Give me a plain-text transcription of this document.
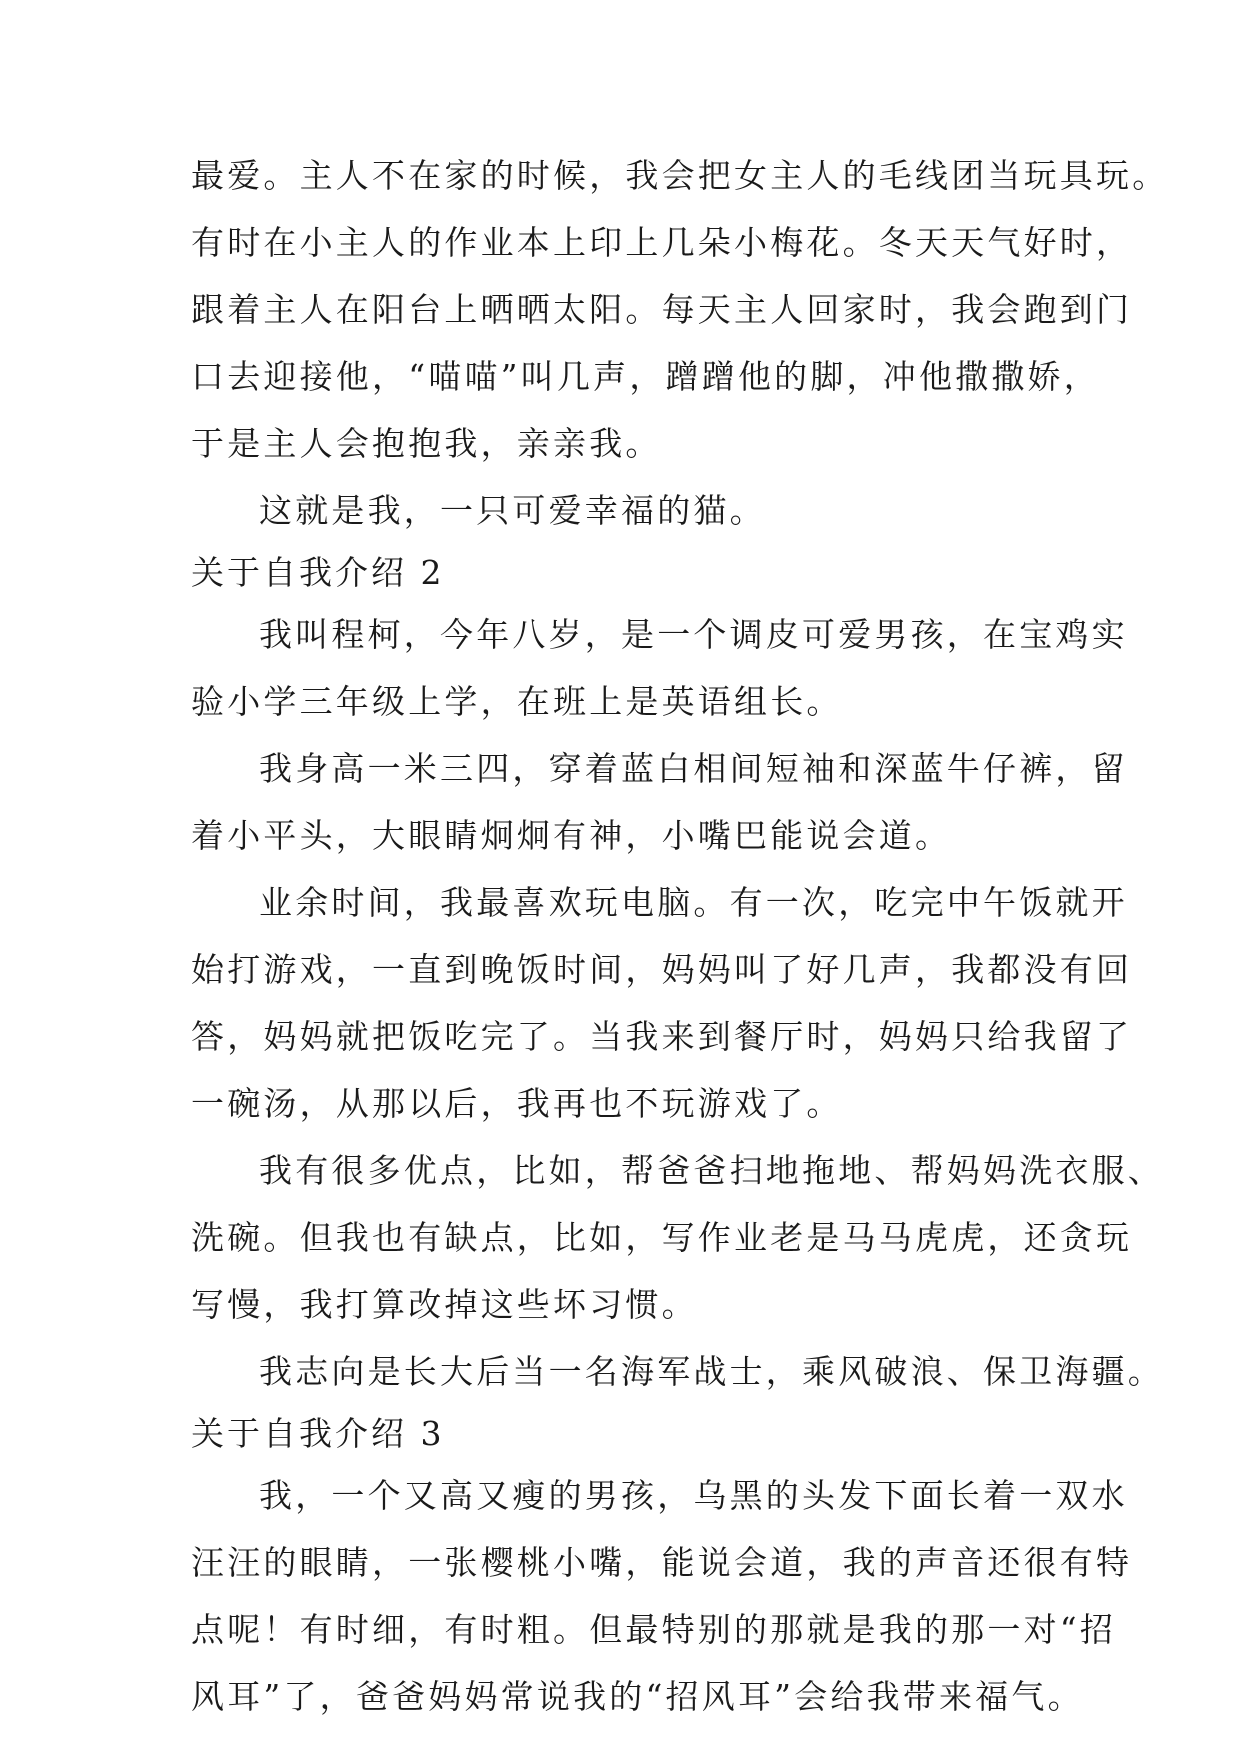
最爱。主人不在家的时候，我会把女主人的毛线团当玩具玩。
有时在小主人的作业本上印上几朵小梅花。冬天天气好时，
跟着主人在阳台上晒晒太阳。每天主人回家时，我会跑到门
口去迎接他，“喵喵”叫几声，蹭蹭他的脚，冲他撒撒娇，
于是主人会抱抱我，亲亲我。
这就是我，一只可爱幸福的猫。
关于自我介绍 2
我叫程柯，今年八岁，是一个调皮可爱男孩，在宝鸡实
验小学三年级上学，在班上是英语组长。
我身高一米三四，穿着蓝白相间短袖和深蓝牛仔裤，留
着小平头，大眼睛炯炯有神，小嘴巴能说会道。
业余时间，我最喜欢玩电脑。有一次，吃完中午饭就开
始打游戏，一直到晚饭时间，妈妈叫了好几声，我都没有回
答，妈妈就把饭吃完了。当我来到餐厅时，妈妈只给我留了
一碗汤，从那以后，我再也不玩游戏了。
我有很多优点，比如，帮爸爸扫地拖地、帮妈妈洗衣服、
洗碗。但我也有缺点，比如，写作业老是马马虎虎，还贪玩
写慢，我打算改掉这些坏习惯。
我志向是长大后当一名海军战士，乘风破浪、保卫海疆。
关于自我介绍 3
我，一个又高又瘦的男孩，乌黑的头发下面长着一双水
汪汪的眼睛，一张樱桃小嘴，能说会道，我的声音还很有特
点呢！有时细，有时粗。但最特别的那就是我的那一对“招
风耳”了，爸爸妈妈常说我的“招风耳”会给我带来福气。
